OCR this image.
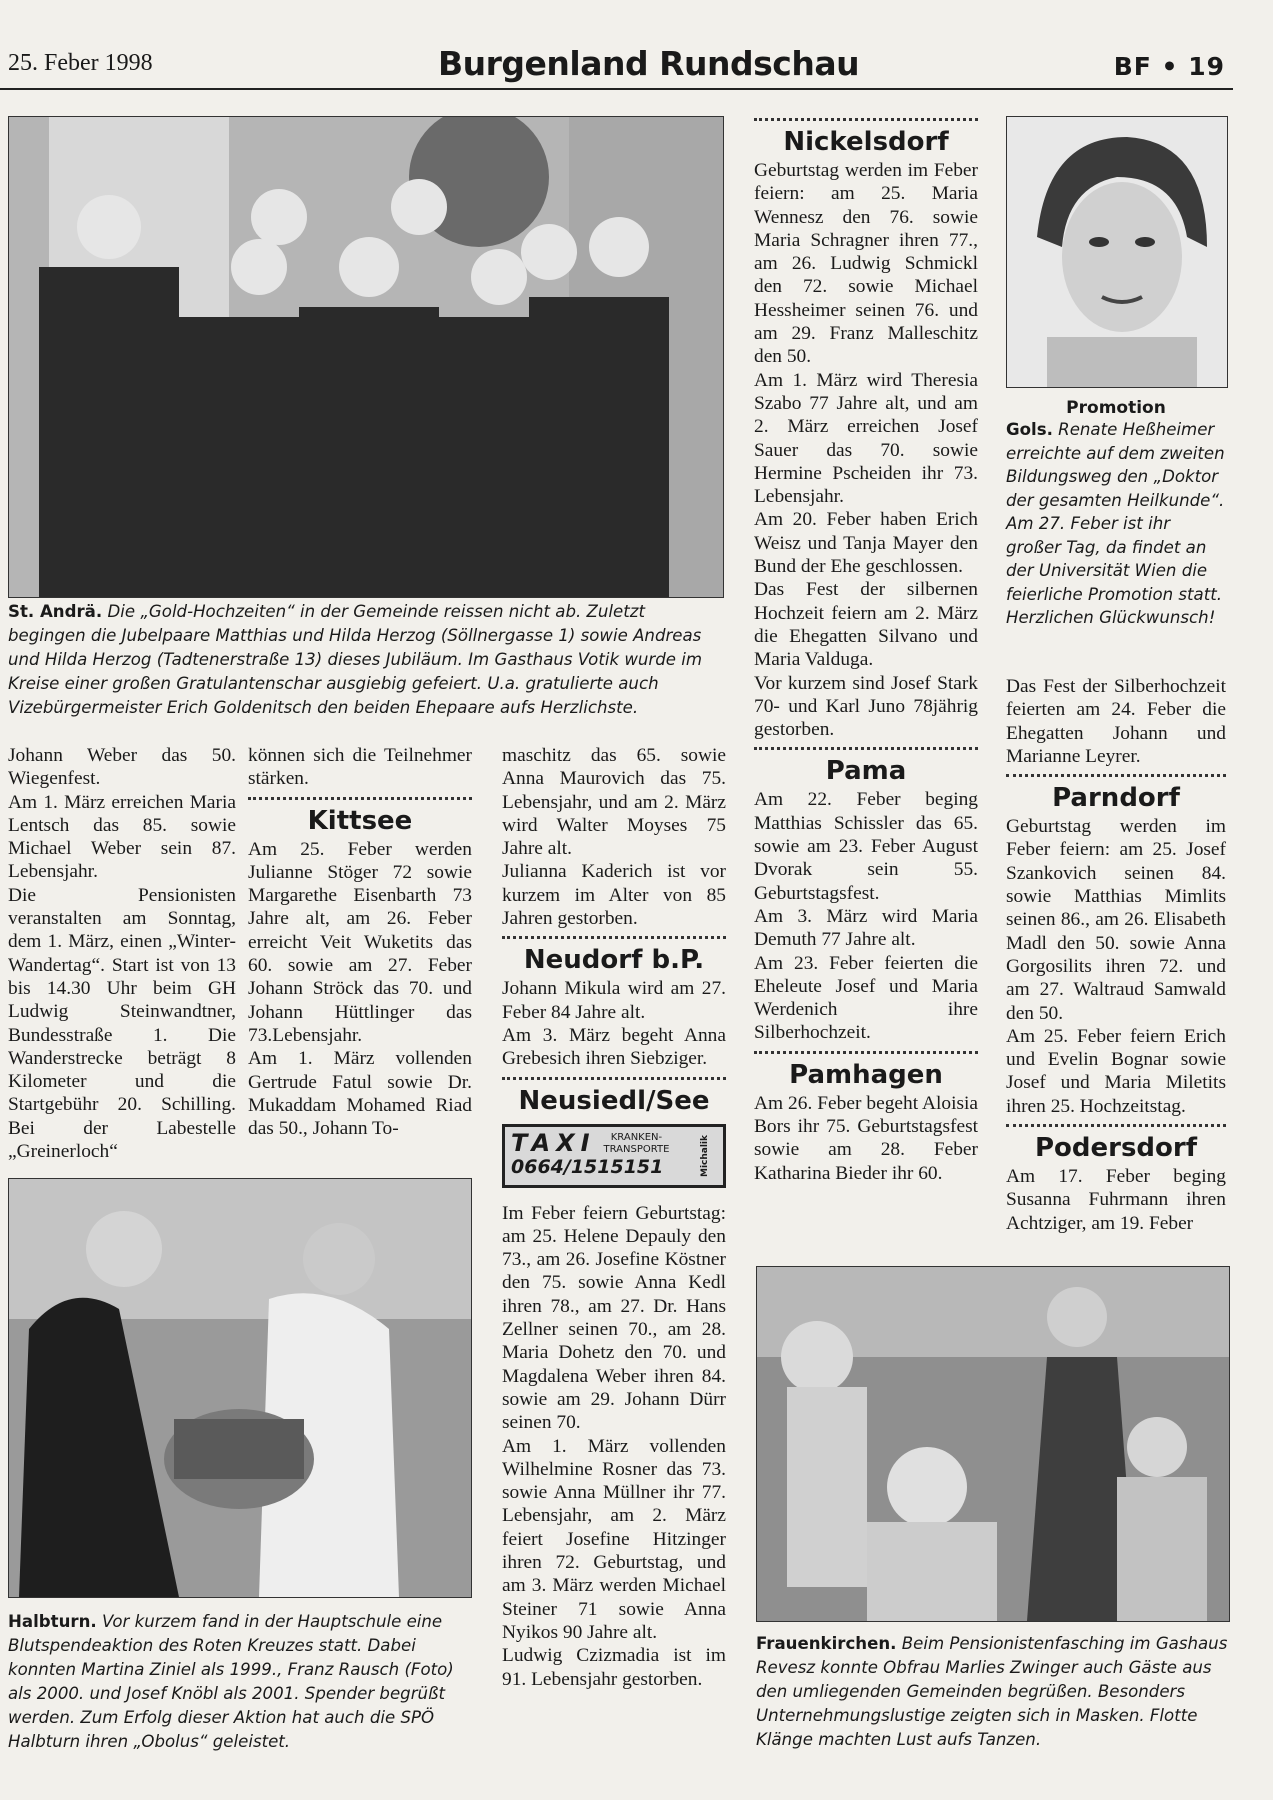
25. Feber 1998	Burgenland Rundschau	BF • 19

St. Andrä. Die „Gold-Hochzeiten“ in der Gemeinde reissen nicht ab. Zuletzt begingen die Jubelpaare Matthias und Hilda Herzog (Söllnergasse 1) sowie Andreas und Hilda Herzog (Tadtenerstraße 13) dieses Jubiläum. Im Gasthaus Votik wurde im Kreise einer großen Gratulantenschar ausgiebig gefeiert. U.a. gratulierte auch Vizebürgermeister Erich Goldenitsch den beiden Ehepaare aufs Herzlichste.

Johann Weber das 50. Wiegenfest.

Am 1. März erreichen Maria Lentsch das 85. sowie Michael Weber sein 87. Lebensjahr.

Die Pensionisten veranstalten am Sonntag, dem 1. März, einen „Winter-Wandertag“. Start ist von 13 bis 14.30 Uhr beim GH Ludwig Steinwandtner, Bundesstraße 1. Die Wanderstrecke beträgt 8 Kilometer und die Startgebühr 20. Schilling. Bei der Labestelle „Greinerloch“

können sich die Teilnehmer stärken.

Kittsee

Am 25. Feber werden Julianne Stöger 72 sowie Margarethe Eisenbarth 73 Jahre alt, am 26. Feber erreicht Veit Wuketits das 60. sowie am 27. Feber Johann Ströck das 70. und Johann Hüttlinger das 73.Lebensjahr.

Am 1. März vollenden Gertrude Fatul sowie Dr. Mukaddam Mohamed Riad das 50., Johann To-

maschitz das 65. sowie Anna Maurovich das 75. Lebensjahr, und am 2. März wird Walter Moyses 75 Jahre alt.

Julianna Kaderich ist vor kurzem im Alter von 85 Jahren gestorben.

Neudorf b.P.

Johann Mikula wird am 27. Feber 84 Jahre alt.

Am 3. März begeht Anna Grebesich ihren Siebziger.

Neusiedl/See
TAXI	KRANKEN-
TRANSPORTE
0664/1515151	Michalik

Im Feber feiern Geburtstag: am 25. Helene Depauly den 73., am 26. Josefine Köstner den 75. sowie Anna Kedl ihren 78., am 27. Dr. Hans Zellner seinen 70., am 28. Maria Dohetz den 70. und Magdalena Weber ihren 84. sowie am 29. Johann Dürr seinen 70.

Am 1. März vollenden Wilhelmine Rosner das 73. sowie Anna Müllner ihr 77. Lebensjahr, am 2. März feiert Josefine Hitzinger ihren 72. Geburtstag, und am 3. März werden Michael Steiner 71 sowie Anna Nyikos 90 Jahre alt.

Ludwig Czizmadia ist im 91. Lebensjahr gestorben.

Nickelsdorf

Geburtstag werden im Feber feiern: am 25. Maria Wennesz den 76. sowie Maria Schragner ihren 77., am 26. Ludwig Schmickl den 72. sowie Michael Hessheimer seinen 76. und am 29. Franz Malleschitz den 50.

Am 1. März wird Theresia Szabo 77 Jahre alt, und am 2. März erreichen Josef Sauer das 70. sowie Hermine Pscheiden ihr 73. Lebensjahr.

Am 20. Feber haben Erich Weisz und Tanja Mayer den Bund der Ehe geschlossen.

Das Fest der silbernen Hochzeit feiern am 2. März die Ehegatten Silvano und Maria Valduga.

Vor kurzem sind Josef Stark 70- und Karl Juno 78jährig gestorben.

Pama

Am 22. Feber beging Matthias Schissler das 65. sowie am 23. Feber August Dvorak sein 55. Geburtstagsfest.

Am 3. März wird Maria Demuth 77 Jahre alt.

Am 23. Feber feierten die Eheleute Josef und Maria Werdenich ihre Silberhochzeit.

Pamhagen

Am 26. Feber begeht Aloisia Bors ihr 75. Geburtstagsfest sowie am 28. Feber Katharina Bieder ihr 60.

Promotion

Gols. Renate Heßheimer erreichte auf dem zweiten Bildungsweg den „Doktor der gesamten Heilkunde“. Am 27. Feber ist ihr großer Tag, da findet an der Universität Wien die feierliche Promotion statt. Herzlichen Glückwunsch!

Das Fest der Silberhochzeit feierten am 24. Feber die Ehegatten Johann und Marianne Leyrer.

Parndorf

Geburtstag werden im Feber feiern: am 25. Josef Szankovich seinen 84. sowie Matthias Mimlits seinen 86., am 26. Elisabeth Madl den 50. sowie Anna Gorgosilits ihren 72. und am 27. Waltraud Samwald den 50.

Am 25. Feber feiern Erich und Evelin Bognar sowie Josef und Maria Miletits ihren 25. Hochzeitstag.

Podersdorf

Am 17. Feber beging Susanna Fuhrmann ihren Achtziger, am 19. Feber

Halbturn. Vor kurzem fand in der Hauptschule eine Blutspendeaktion des Roten Kreuzes statt. Dabei konnten Martina Ziniel als 1999., Franz Rausch (Foto) als 2000. und Josef Knöbl als 2001. Spender begrüßt werden. Zum Erfolg dieser Aktion hat auch die SPÖ Halbturn ihren „Obolus“ geleistet.

Frauenkirchen. Beim Pensionistenfasching im Gashaus Revesz konnte Obfrau Marlies Zwinger auch Gäste aus den umliegenden Gemeinden begrüßen. Besonders Unternehmungslustige zeigten sich in Masken. Flotte Klänge machten Lust aufs Tanzen.
